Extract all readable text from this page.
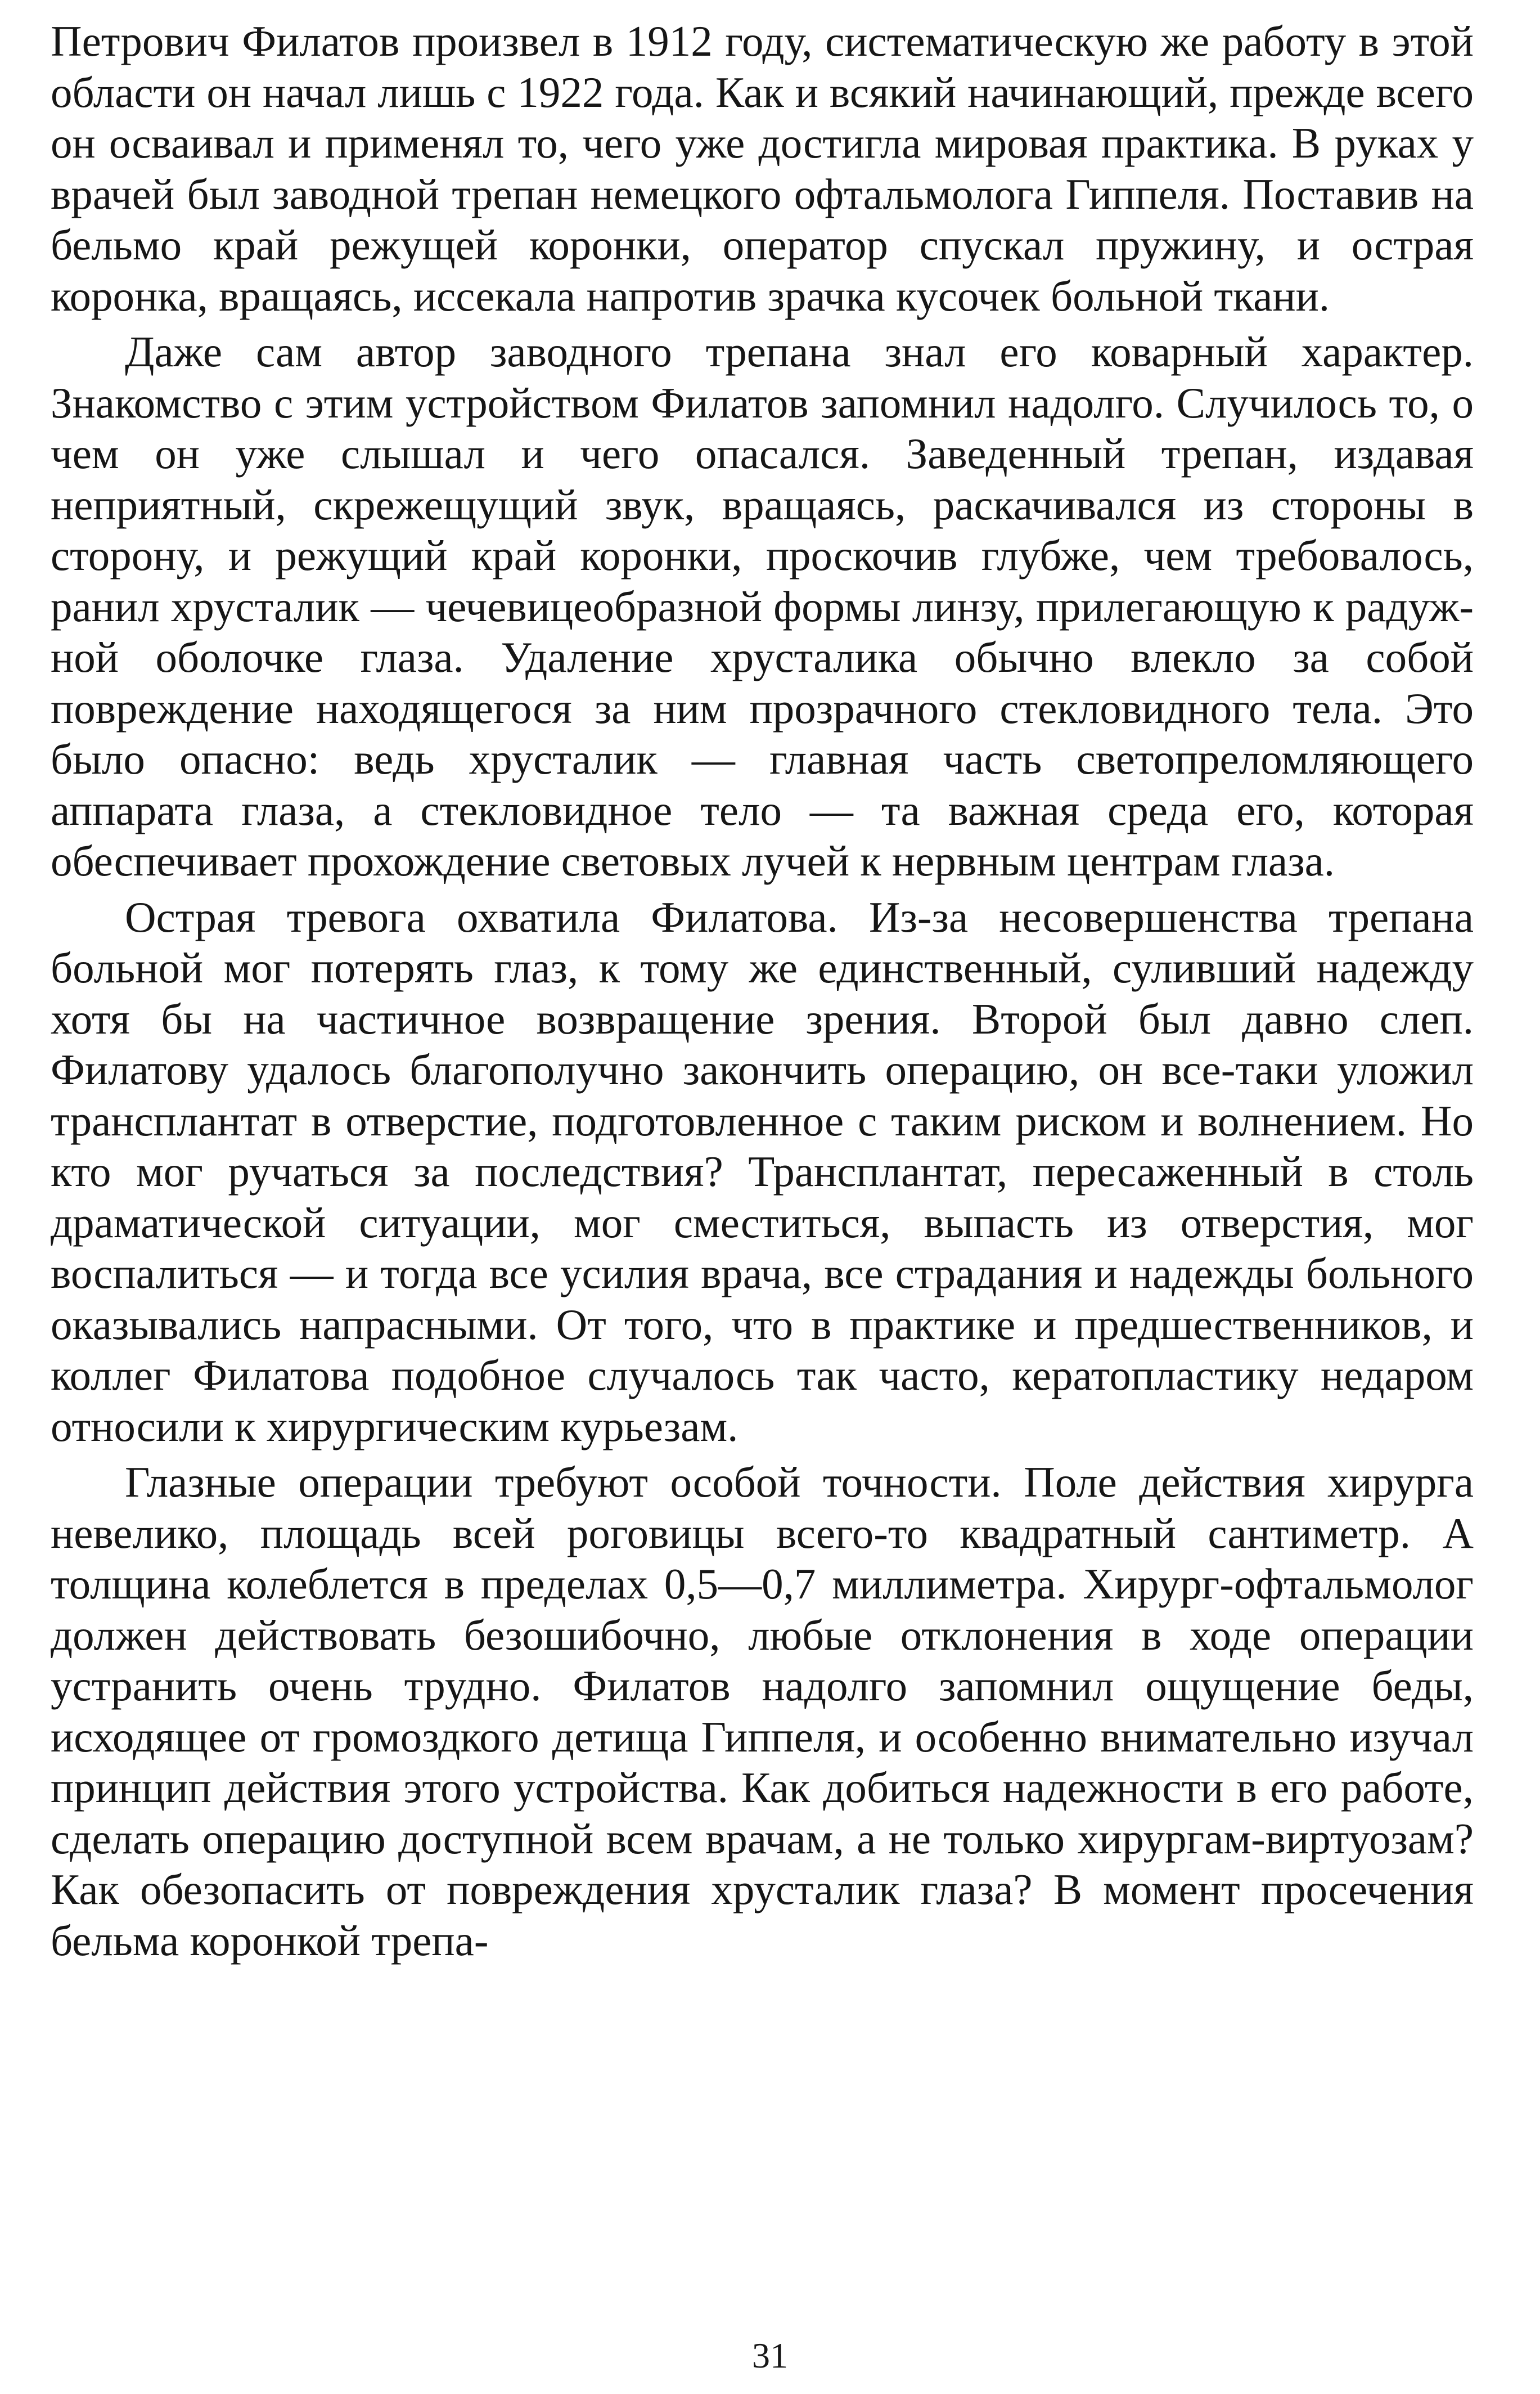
Петрович Филатов произвел в 1912 году, систематическую же работу в этой области он начал лишь с 1922 года. Как и всякий начинающий, прежде всего он осваивал и применял то, чего уже достигла мировая практика. В руках у врачей был заводной трепан немецкого офтальмолога Гиппеля. Поставив на бельмо край режущей коронки, оператор спускал пружину, и острая коронка, вращаясь, иссекала напротив зрачка кусочек больной ткани.

Даже сам автор заводного трепана знал его коварный характер. Знакомство с этим устройством Филатов запомнил надолго. Случилось то, о чем он уже слышал и чего опасался. Заведенный трепан, издавая неприятный, скрежещущий звук, вращаясь, раскачивался из стороны в сторону, и режущий край коронки, проскочив глубже, чем требовалось, ранил хрусталик — чечевицеобразной формы линзу, прилегающую к радужной оболочке глаза. Удаление хрусталика обычно влекло за собой повреждение находящегося за ним прозрачного стекловидного тела. Это было опасно: ведь хрусталик — главная часть светопреломляющего аппарата глаза, а стекловидное тело — та важная среда его, которая обеспечивает прохождение световых лучей к нервным центрам глаза.

Острая тревога охватила Филатова. Из-за несовершенства трепана больной мог потерять глаз, к тому же единственный, суливший надежду хотя бы на частичное возвращение зрения. Второй был давно слеп. Филатову удалось благополучно закончить операцию, он все-таки уложил трансплантат в отверстие, подготовленное с таким риском и волнением. Но кто мог ручаться за последствия? Трансплантат, пересаженный в столь драматической ситуации, мог сместиться, выпасть из отверстия, мог воспалиться — и тогда все усилия врача, все страдания и надежды больного оказывались напрасными. От того, что в практике и предшественников, и коллег Филатова подобное случалось так часто, кератопластику недаром относили к хирургическим курьезам.

Глазные операции требуют особой точности. Поле действия хирурга невелико, площадь всей роговицы всего-то квадратный сантиметр. А толщина колеблется в пределах 0,5—0,7 миллиметра. Хирург-офтальмолог должен действовать безошибочно, любые отклонения в ходе операции устранить очень трудно. Филатов надолго запомнил ощущение беды, исходящее от громоздкого детища Гиппеля, и особенно внимательно изучал принцип действия этого устройства. Как добиться надежности в его работе, сделать операцию доступной всем врачам, а не только хирургам-виртуозам? Как обезопасить от повреждения хрусталик глаза? В момент просечения бельма коронкой трепа-

31
